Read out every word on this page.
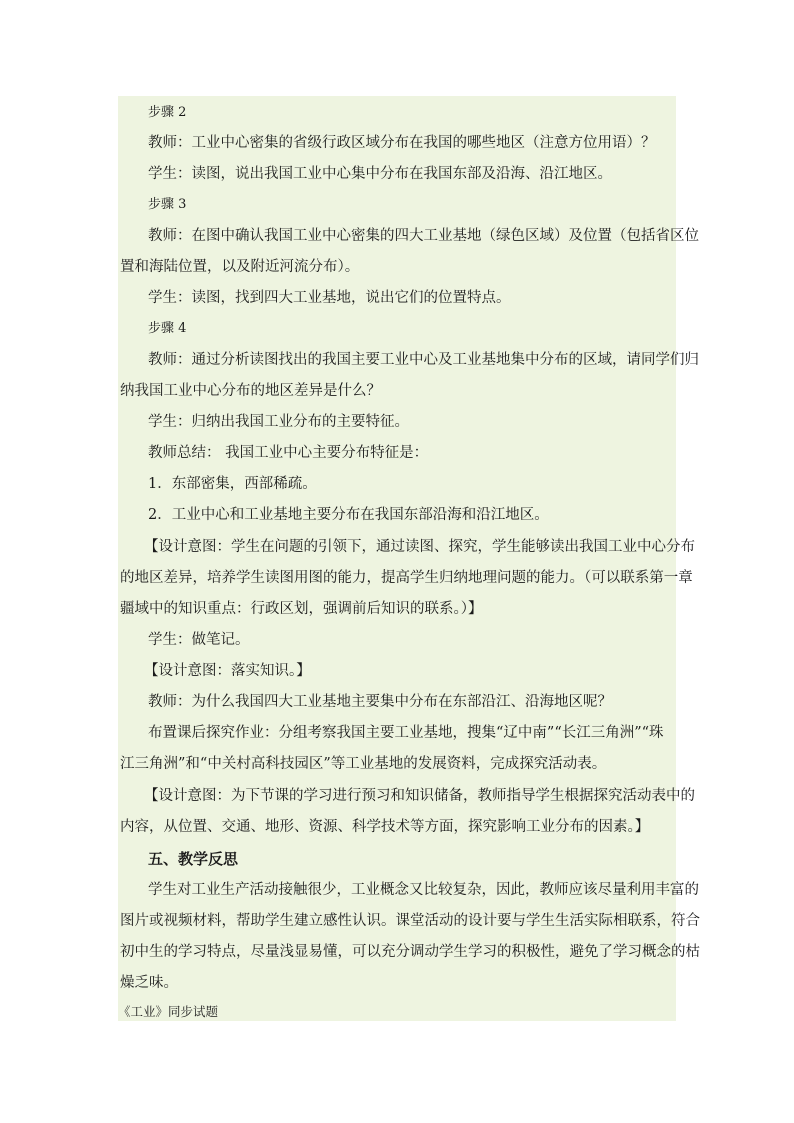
步骤 2
教师：工业中心密集的省级行政区域分布在我国的哪些地区（注意方位用语）？
学生：读图，说出我国工业中心集中分布在我国东部及沿海、沿江地区。
步骤 3
教师：在图中确认我国工业中心密集的四大工业基地（绿色区域）及位置（包括省区位
置和海陆位置，以及附近河流分布）。
学生：读图，找到四大工业基地，说出它们的位置特点。
步骤 4
教师：通过分析读图找出的我国主要工业中心及工业基地集中分布的区域，请同学们归
纳我国工业中心分布的地区差异是什么？
学生：归纳出我国工业分布的主要特征。
教师总结： 我国工业中心主要分布特征是：
1．东部密集，西部稀疏。
2．工业中心和工业基地主要分布在我国东部沿海和沿江地区。
【设计意图：学生在问题的引领下，通过读图、探究，学生能够读出我国工业中心分布
的地区差异，培养学生读图用图的能力，提高学生归纳地理问题的能力。（可以联系第一章
疆域中的知识重点：行政区划，强调前后知识的联系。）】
学生：做笔记。
【设计意图：落实知识。】
教师：为什么我国四大工业基地主要集中分布在东部沿江、沿海地区呢？
布置课后探究作业：分组考察我国主要工业基地，搜集“辽中南”“长江三角洲”“珠
江三角洲”和“中关村高科技园区”等工业基地的发展资料，完成探究活动表。
【设计意图：为下节课的学习进行预习和知识储备，教师指导学生根据探究活动表中的
内容，从位置、交通、地形、资源、科学技术等方面，探究影响工业分布的因素。】
五、教学反思
学生对工业生产活动接触很少，工业概念又比较复杂，因此，教师应该尽量利用丰富的
图片或视频材料，帮助学生建立感性认识。课堂活动的设计要与学生生活实际相联系，符合
初中生的学习特点，尽量浅显易懂，可以充分调动学生学习的积极性，避免了学习概念的枯
燥乏味。
《工业》同步试题
